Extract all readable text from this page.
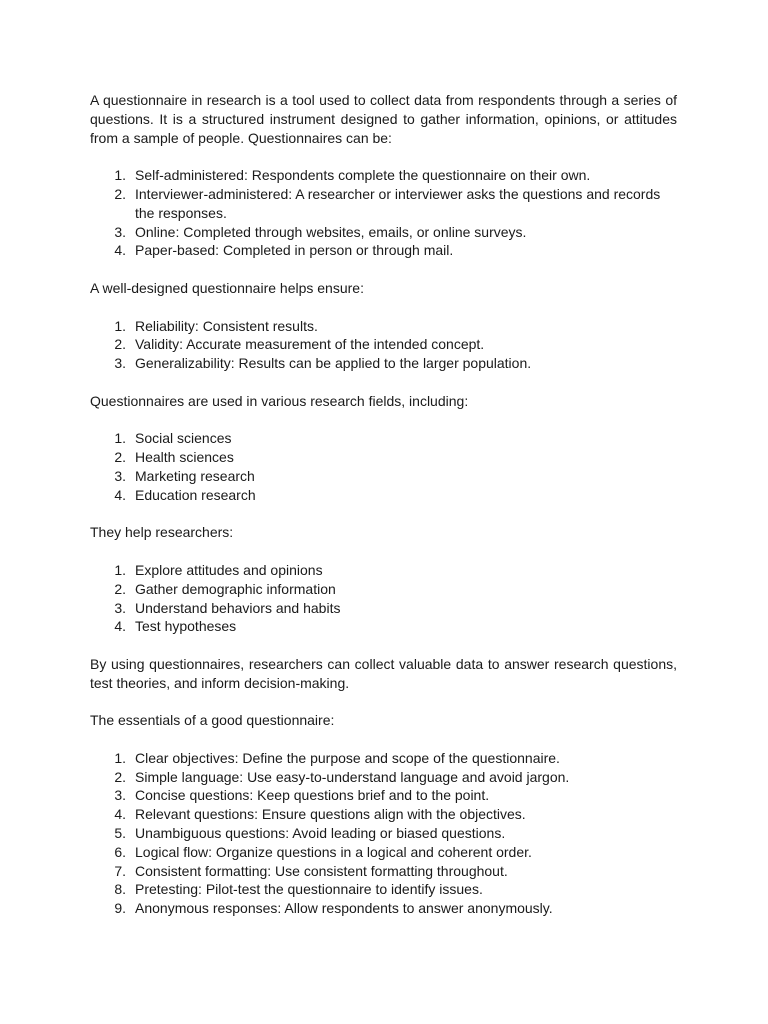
A questionnaire in research is a tool used to collect data from respondents through a series of questions. It is a structured instrument designed to gather information, opinions, or attitudes from a sample of people. Questionnaires can be:

1. Self-administered: Respondents complete the questionnaire on their own.
2. Interviewer-administered: A researcher or interviewer asks the questions and records the responses.
3. Online: Completed through websites, emails, or online surveys.
4. Paper-based: Completed in person or through mail.

A well-designed questionnaire helps ensure:

1. Reliability: Consistent results.
2. Validity: Accurate measurement of the intended concept.
3. Generalizability: Results can be applied to the larger population.

Questionnaires are used in various research fields, including:

1. Social sciences
2. Health sciences
3. Marketing research
4. Education research

They help researchers:

1. Explore attitudes and opinions
2. Gather demographic information
3. Understand behaviors and habits
4. Test hypotheses

By using questionnaires, researchers can collect valuable data to answer research questions, test theories, and inform decision-making.

The essentials of a good questionnaire:

1. Clear objectives: Define the purpose and scope of the questionnaire.
2. Simple language: Use easy-to-understand language and avoid jargon.
3. Concise questions: Keep questions brief and to the point.
4. Relevant questions: Ensure questions align with the objectives.
5. Unambiguous questions: Avoid leading or biased questions.
6. Logical flow: Organize questions in a logical and coherent order.
7. Consistent formatting: Use consistent formatting throughout.
8. Pretesting: Pilot-test the questionnaire to identify issues.
9. Anonymous responses: Allow respondents to answer anonymously.
